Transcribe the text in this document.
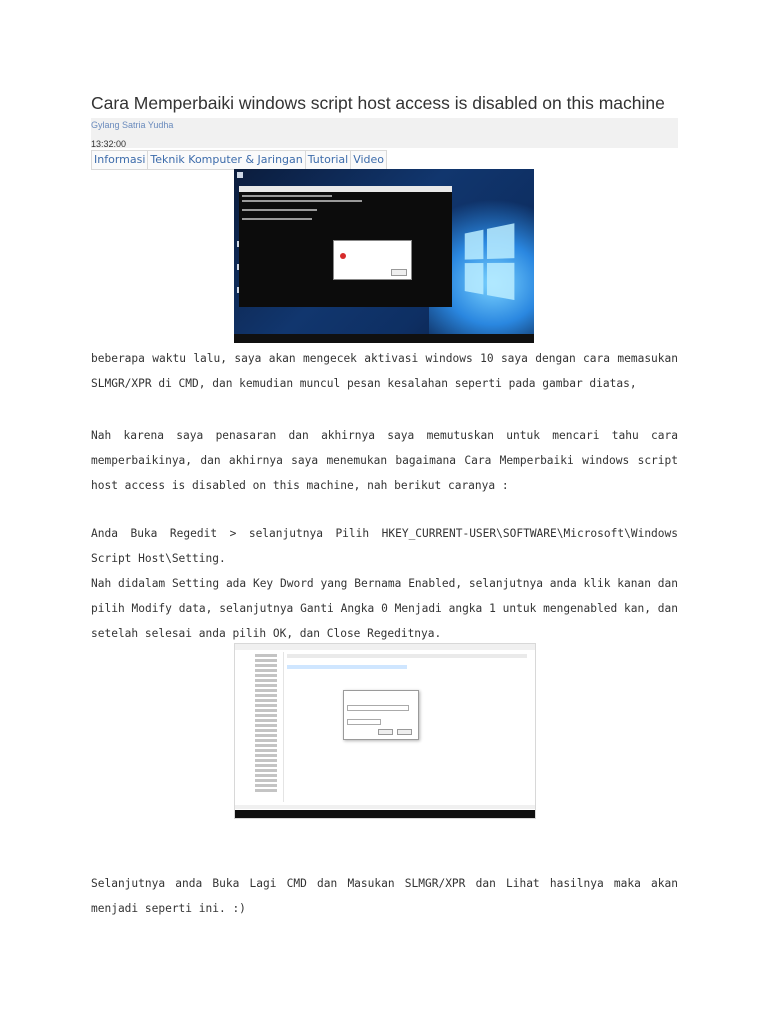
Cara Memperbaiki windows script host access is disabled on this machine
Gylang Satria Yudha
13:32:00
Informasi Teknik Komputer & Jaringan Tutorial Video

beberapa waktu lalu, saya akan mengecek aktivasi windows 10 saya dengan cara memasukan SLMGR/XPR di CMD, dan kemudian muncul pesan kesalahan seperti pada gambar diatas,

Nah karena saya penasaran dan akhirnya saya memutuskan untuk mencari tahu cara memperbaikinya, dan akhirnya saya menemukan bagaimana Cara Memperbaiki windows script host access is disabled on this machine, nah berikut caranya :

Anda Buka Regedit > selanjutnya Pilih HKEY_CURRENT-USER\SOFTWARE\Microsoft\Windows Script Host\Setting.

Nah didalam Setting ada Key Dword yang Bernama Enabled, selanjutnya anda klik kanan dan pilih Modify data, selanjutnya Ganti Angka 0 Menjadi angka 1 untuk mengenabled kan, dan setelah selesai anda pilih OK, dan Close Regeditnya.

Selanjutnya anda Buka Lagi CMD dan Masukan SLMGR/XPR dan Lihat hasilnya maka akan menjadi seperti ini. :)
